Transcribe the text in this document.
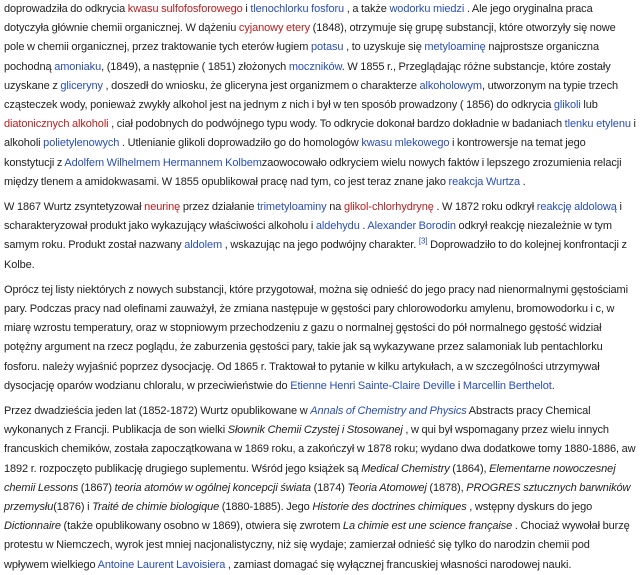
doprowadziła do odkrycia kwasu sulfofosforowego i tlenochlorku fosforu , a także wodorku miedzi . Ale jego oryginalna praca dotyczyła głównie chemii organicznej. W dążeniu cyjanowy etery (1848), otrzymuje się grupę substancji, które otworzyły się nowe pole w chemii organicznej, przez traktowanie tych eterów ługiem potasu , to uzyskuje się metyloaminę najprostsze organiczna pochodną amoniaku, (1849), a następnie ( 1851) złożonych moczników. W 1855 r., Przeglądając różne substancje, które zostały uzyskane z gliceryny , doszedł do wniosku, że gliceryna jest organizmem o charakterze alkoholowym, utworzonym na typie trzech cząsteczek wody, ponieważ zwykły alkohol jest na jednym z nich i był w ten sposób prowadzony ( 1856) do odkrycia glikoli lub diatonicznych alkoholi , ciał podobnych do podwójnego typu wody. To odkrycie dokonał bardzo dokładnie w badaniach tlenku etylenu i alkoholi polietylenowych . Utlenianie glikoli doprowadziło go do homologów kwasu mlekowego i kontrowersje na temat jego konstytucji z Adolfem Wilhelmem Hermannem Kolbemzaowocowało odkryciem wielu nowych faktów i lepszego zrozumienia relacji między tlenem a amidokwasami. W 1855 opublikował pracę nad tym, co jest teraz znane jako reakcja Wurtza .

W 1867 Wurtz zsyntetyzował neurinę przez działanie trimetyloaminy na glikol-chlorhydrynę . W 1872 roku odkrył reakcję aldolową i scharakteryzował produkt jako wykazujący właściwości alkoholu i aldehydu . Alexander Borodin odkrył reakcję niezależnie w tym samym roku. Produkt został nazwany aldolem , wskazując na jego podwójny charakter. [3] Doprowadziło to do kolejnej konfrontacji z Kolbe.

Oprócz tej listy niektórych z nowych substancji, które przygotował, można się odnieść do jego pracy nad nienormalnymi gęstościami pary. Podczas pracy nad olefinami zauważył, że zmiana następuje w gęstości pary chlorowodorku amylenu, bromowodorku i c, w miarę wzrostu temperatury, oraz w stopniowym przechodzeniu z gazu o normalnej gęstości do pół normalnego gęstość widział potężny argument na rzecz poglądu, że zaburzenia gęstości pary, takie jak są wykazywane przez salamoniak lub pentachlorku fosforu. należy wyjaśnić poprzez dysocjację. Od 1865 r. Traktował to pytanie w kilku artykułach, a w szczególności utrzymywał dysocjację oparów wodzianu chloralu, w przeciwieństwie do Etienne Henri Sainte-Claire Deville i Marcellin Berthelot.

Przez dwadzieścia jeden lat (1852-1872) Wurtz opublikowane w Annals of Chemistry and Physics Abstracts pracy Chemical wykonanych z Francji. Publikacja de son wielki Słownik Chemii Czystej i Stosowanej , w qui był wspomagany przez wielu innych francuskich chemików, została zapoczątkowana w 1869 roku, a zakończył w 1878 roku; wydano dwa dodatkowe tomy 1880-1886, aw 1892 r. rozpoczęto publikację drugiego suplementu. Wśród jego książek są Medical Chemistry (1864), Elementarne nowoczesnej chemii Lessons (1867) teoria atomów w ogólnej koncepcji świata (1874) Teoria Atomowej (1878), PROGRES sztucznych barwników przemysłu(1876) i Traité de chimie biologique (1880-1885). Jego Historie des doctrines chimiques , wstępny dyskurs do jego Dictionnaire (także opublikowany osobno w 1869), otwiera się zwrotem La chimie est une science française . Chociaż wywołał burzę protestu w Niemczech, wyrok jest mniej nacjonalistyczny, niż się wydaje; zamierzał odnieść się tylko do narodzin chemii pod wpływem wielkiego Antoine Laurent Lavoisiera , zamiast domagać się wyłącznej francuskiej własności narodowej nauki.
